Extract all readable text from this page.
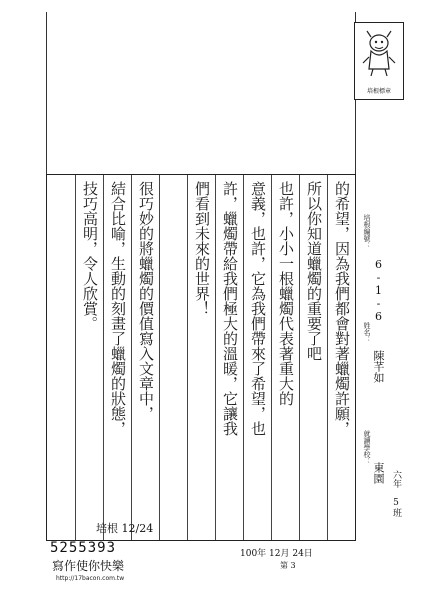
培根標章
的希望，因為我們都會對著蠟燭許願，
所以你知道蠟燭的重要了吧
也許，小小一根蠟燭代表著重大的
意義，也許，它為我們帶來了希望，也
許，蠟燭帶給我們極大的溫暖，它讓我
們看到未來的世界！
很巧妙的將蠟燭的價值寫入文章中，
結合比喻，生動的刻畫了蠟燭的狀態，
技巧高明，令人欣賞。	培根編號：
6-1-6
姓名：
陳芊如
就讀學校：
東園 六年 5班
培根 12/24
5255393
寫作使你快樂
http://17bacon.com.tw
100年 12月 24日
第 3
